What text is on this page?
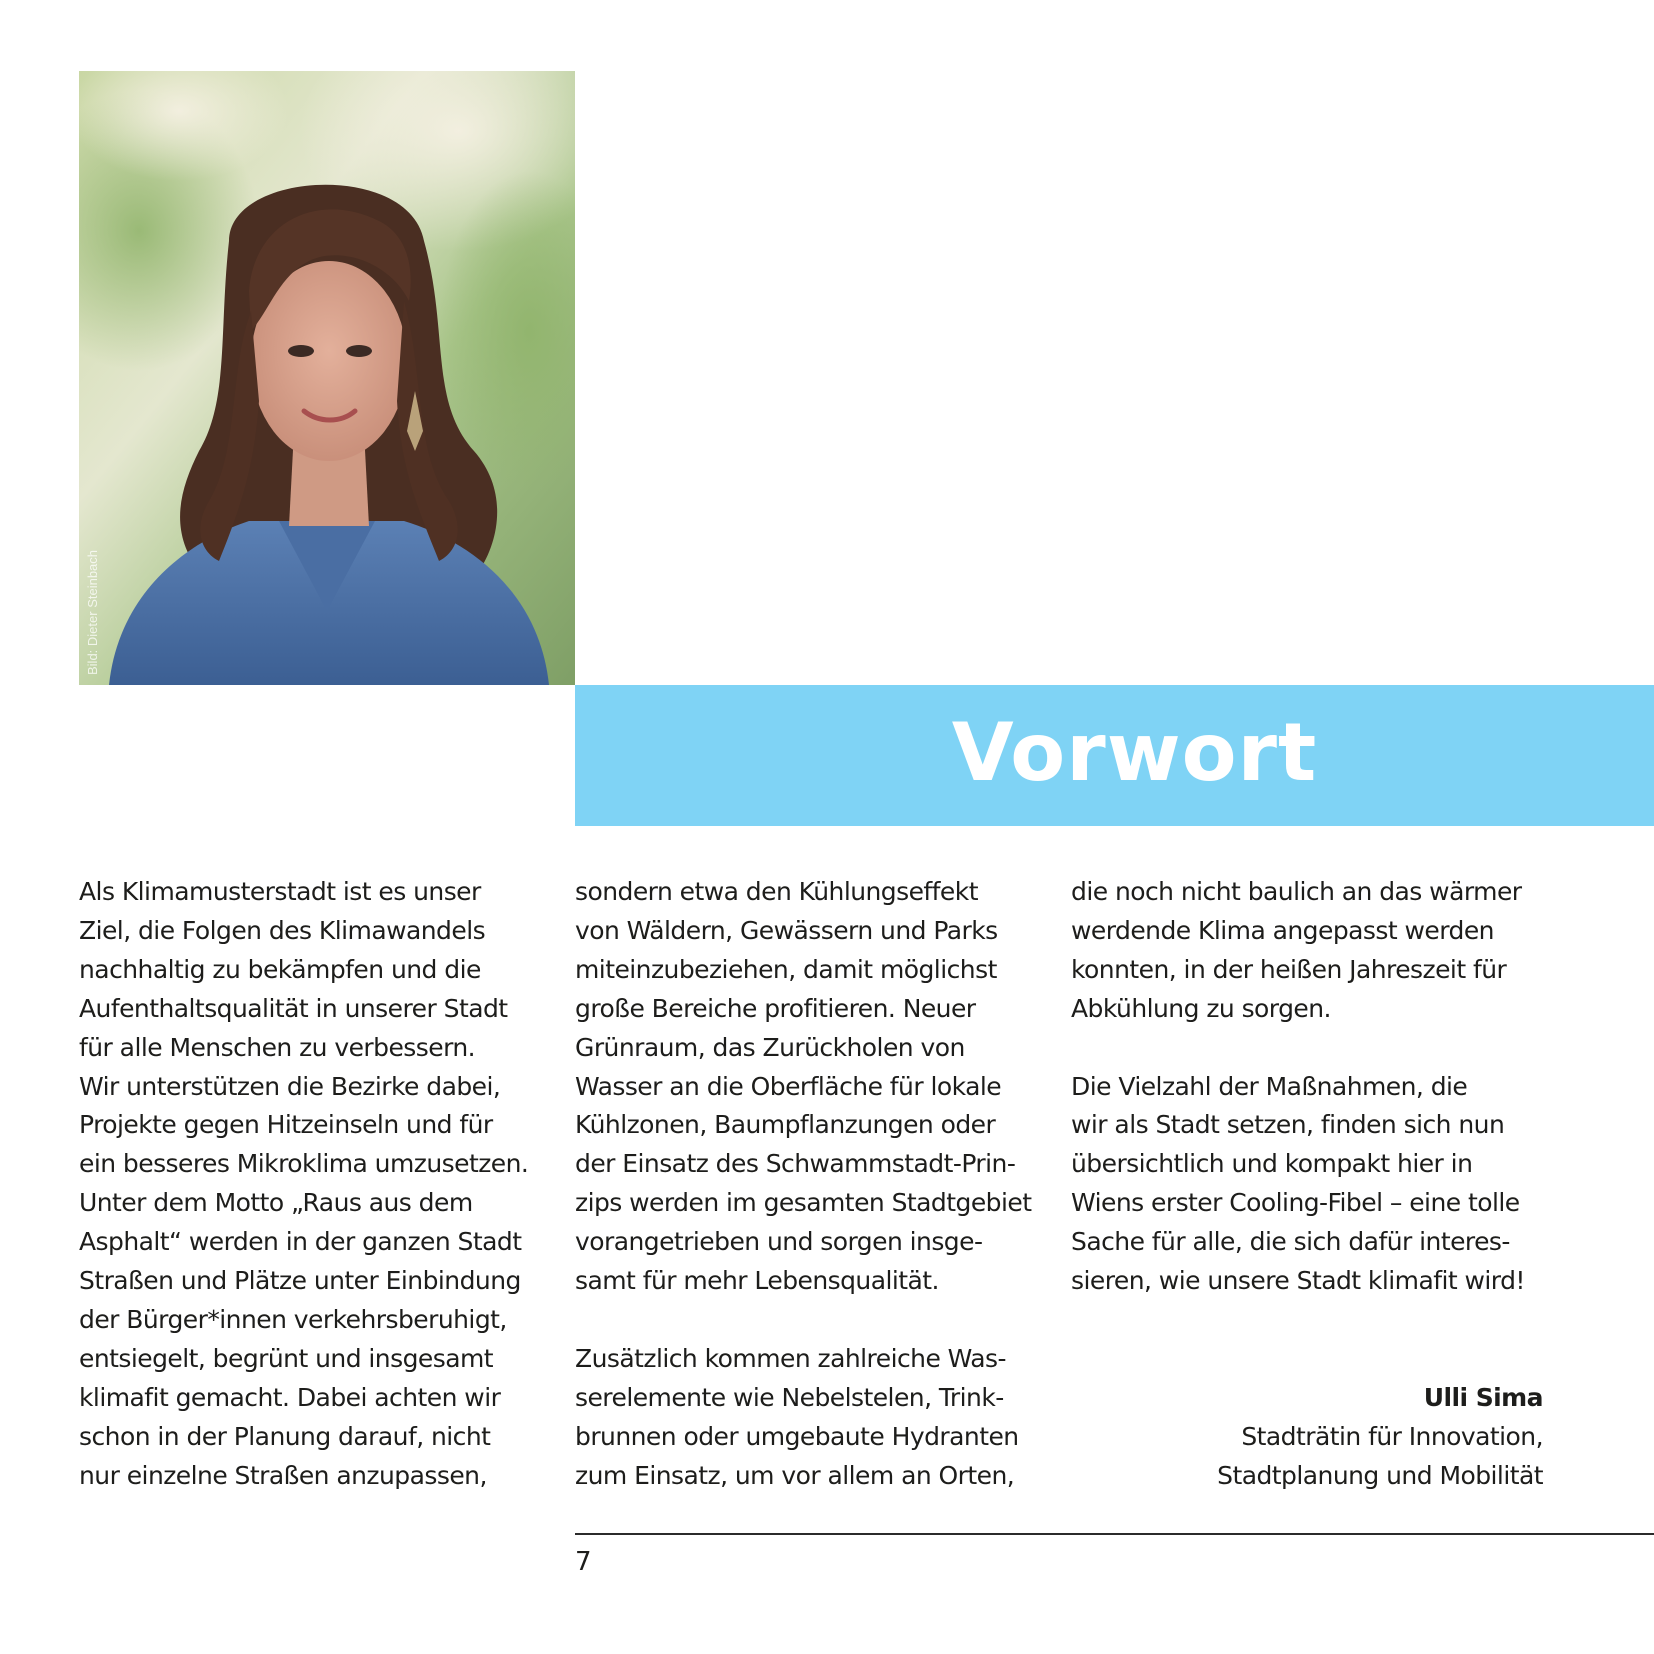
Bild: Dieter Steinbach
Vorwort

Als Klimamusterstadt ist es unser
Ziel, die Folgen des Klimawandels
nachhaltig zu bekämpfen und die
Aufenthaltsqualität in unserer Stadt
für alle Menschen zu verbessern.
Wir unterstützen die Bezirke dabei,
Projekte gegen Hitzeinseln und für
ein besseres Mikroklima umzusetzen.
Unter dem Motto „Raus aus dem
Asphalt“ werden in der ganzen Stadt
Straßen und Plätze unter Einbindung
der Bürger*innen verkehrsberuhigt,
entsiegelt, begrünt und insgesamt
klimafit gemacht. Dabei achten wir
schon in der Planung darauf, nicht
nur einzelne Straßen anzupassen,

sondern etwa den Kühlungseffekt
von Wäldern, Gewässern und Parks
miteinzubeziehen, damit möglichst
große Bereiche profitieren. Neuer
Grünraum, das Zurückholen von
Wasser an die Oberfläche für lokale
Kühlzonen, Baumpflanzungen oder
der Einsatz des Schwammstadt-Prin-
zips werden im gesamten Stadtgebiet
vorangetrieben und sorgen insge-
samt für mehr Lebensqualität.

Zusätzlich kommen zahlreiche Was-
serelemente wie Nebelstelen, Trink-
brunnen oder umgebaute Hydranten
zum Einsatz, um vor allem an Orten,

die noch nicht baulich an das wärmer
werdende Klima angepasst werden
konnten, in der heißen Jahreszeit für
Abkühlung zu sorgen.

Die Vielzahl der Maßnahmen, die
wir als Stadt setzen, finden sich nun
übersichtlich und kompakt hier in
Wiens erster Cooling-Fibel – eine tolle
Sache für alle, die sich dafür interes-
sieren, wie unsere Stadt klimafit wird!

Ulli Sima
Stadträtin für Innovation,
Stadtplanung und Mobilität
7
